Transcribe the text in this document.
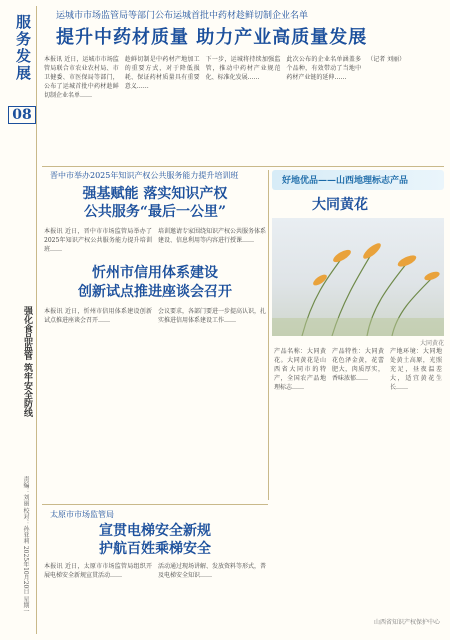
服务发展
08
强化食品监管 筑牢安全防线
责编：刘丽 校对：孙亚莉 2025年10月20日 星期一
运城市市场监管局等部门公布运城首批中药材趁鲜切制企业名单
提升中药材质量 助力产业高质量发展
本报讯 近日，运城市市场监管局联合市农业农村局、市卫健委、市医保局等部门，公布了运城首批中药材趁鲜切制企业名单……
趁鲜切制是中药材产地加工的重要方式，对于降低损耗、保证药材质量具有重要意义……
下一步，运城将持续加强监管，推动中药材产业规范化、标准化发展……
此次公布的企业名单涵盖多个品种，有效带动了当地中药材产业链的延伸……
（记者 刘丽）
晋中市举办2025年知识产权公共服务能力提升培训班
强基赋能 落实知识产权
公共服务“最后一公里”
本报讯 近日，晋中市市场监管局举办了2025年知识产权公共服务能力提升培训班……
培训邀请专家围绕知识产权公共服务体系建设、信息利用等内容进行授课……
忻州市信用体系建设
创新试点推进座谈会召开
本报讯 近日，忻州市信用体系建设创新试点推进座谈会召开……
会议要求，各部门要进一步提高认识，扎实推进信用体系建设工作……
好地优品——山西地理标志产品
大同黄花
大同黄花
产品名称：大同黄花。大同黄花是山西省大同市的特产，全国农产品地理标志……
产品特性：大同黄花色泽金黄，花蕾肥大，肉质厚实，香味浓郁……
产地环境：大同地处黄土高原，光照充足，昼夜温差大，适宜黄花生长……
山西省知识产权保护中心
太原市市场监管局
宣贯电梯安全新规
护航百姓乘梯安全
本报讯 近日，太原市市场监管局组织开展电梯安全新规宣贯活动……
活动通过现场讲解、发放资料等形式，普及电梯安全知识……
